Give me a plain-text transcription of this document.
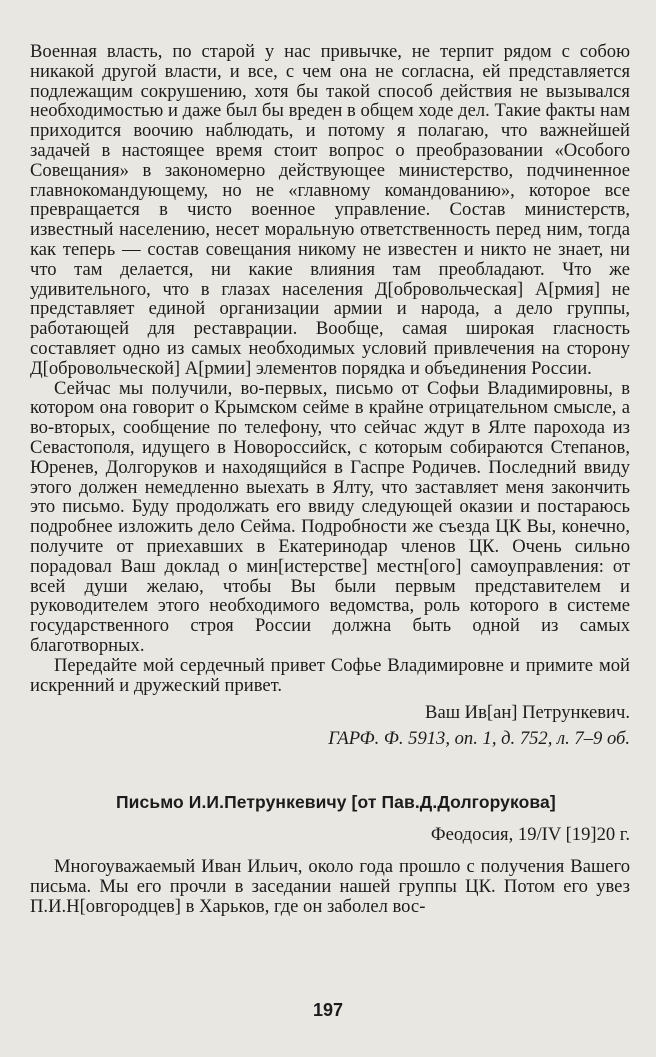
Военная власть, по старой у нас привычке, не терпит рядом с собою никакой другой власти, и все, с чем она не согласна, ей представляется подлежащим сокрушению, хотя бы такой способ действия не вызывался необходимостью и даже был бы вреден в общем ходе дел. Такие факты нам приходится воочию наблюдать, и потому я полагаю, что важнейшей задачей в настоящее время стоит вопрос о преобразовании «Особого Совещания» в закономерно действующее министерство, подчиненное главнокомандующему, но не «главному командованию», которое все превращается в чисто военное управление. Состав министерств, известный населению, несет моральную ответственность перед ним, тогда как теперь — состав совещания никому не известен и никто не знает, ни что там делается, ни какие влияния там преобладают. Что же удивительного, что в глазах населения Д[обровольческая] А[рмия] не представляет единой организации армии и народа, а дело группы, работающей для реставрации. Вообще, самая широкая гласность составляет одно из самых необходимых условий привлечения на сторону Д[обровольческой] А[рмии] элементов порядка и объединения России.

Сейчас мы получили, во-первых, письмо от Софьи Владимировны, в котором она говорит о Крымском сейме в крайне отрицательном смысле, а во-вторых, сообщение по телефону, что сейчас ждут в Ялте парохода из Севастополя, идущего в Новороссийск, с которым собираются Степанов, Юренев, Долгоруков и находящийся в Гаспре Родичев. Последний ввиду этого должен немедленно выехать в Ялту, что заставляет меня закончить это письмо. Буду продолжать его ввиду следующей оказии и постараюсь подробнее изложить дело Сейма. Подробности же съезда ЦК Вы, конечно, получите от приехавших в Екатеринодар членов ЦК. Очень сильно порадовал Ваш доклад о мин[истерстве] местн[ого] самоуправления: от всей души желаю, чтобы Вы были первым представителем и руководителем этого необходимого ведомства, роль которого в системе государственного строя России должна быть одной из самых благотворных.

Передайте мой сердечный привет Софье Владимировне и примите мой искренний и дружеский привет.

Ваш Ив[ан] Петрункевич.

ГАРФ. Ф. 5913, оп. 1, д. 752, л. 7–9 об.

Письмо И.И.Петрункевичу [от Пав.Д.Долгорукова]

Феодосия, 19/IV [19]20 г.

Многоуважаемый Иван Ильич, около года прошло с получения Вашего письма. Мы его прочли в заседании нашей группы ЦК. Потом его увез П.И.Н[овгородцев] в Харьков, где он заболел вос-

197
